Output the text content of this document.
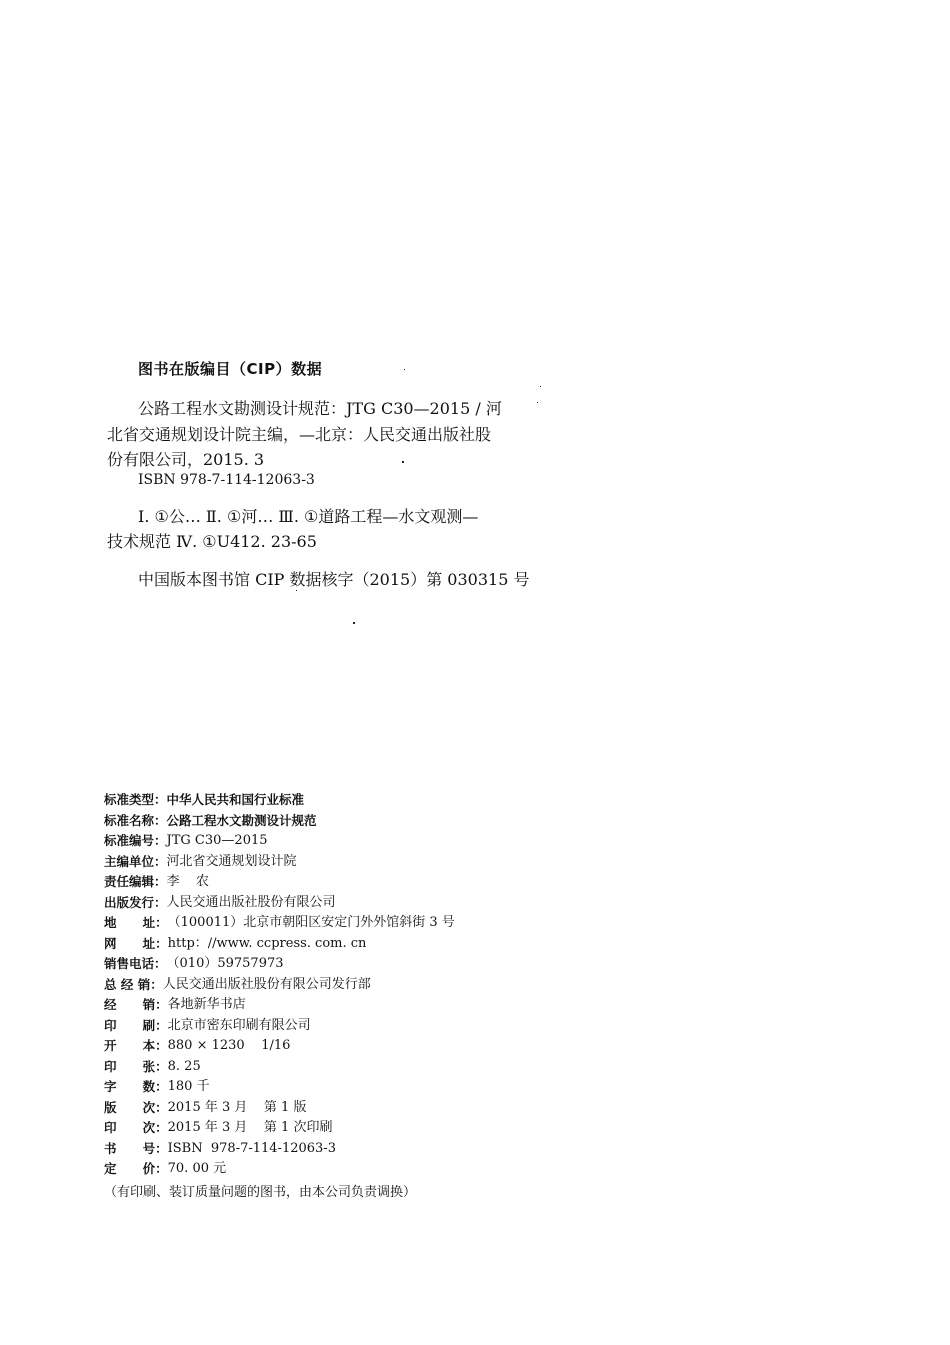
图书在版编目（CIP）数据
公路工程水文勘测设计规范：JTG C30—2015 / 河
北省交通规划设计院主编，—北京：人民交通出版社股
份有限公司，2015. 3
ISBN 978-7-114-12063-3
Ⅰ. ①公… Ⅱ. ①河… Ⅲ. ①道路工程—水文观测—
技术规范 Ⅳ. ①U412. 23-65
中国版本图书馆 CIP 数据核字（2015）第 030315 号
标准类型 ： 中华人民共和国行业标准
标准名称 ： 公路工程水文勘测设计规范
标准编号 ： JTG C30—2015
主编单位 ： 河北省交通规划设计院
责任编辑 ： 李    农
出版发行 ： 人民交通出版社股份有限公司
地      址 ： （100011）北京市朝阳区安定门外外馆斜街 3 号
网      址 ： http：//www. ccpress. com. cn
销售电话 ： （010）59757973
总 经 销 ： 人民交通出版社股份有限公司发行部
经      销 ： 各地新华书店
印      刷 ： 北京市密东印刷有限公司
开      本 ： 880 × 1230    1/16
印      张 ： 8. 25
字      数 ： 180 千
版      次 ： 2015 年 3 月    第 1 版
印      次 ： 2015 年 3 月    第 1 次印刷
书      号 ： ISBN  978-7-114-12063-3
定      价 ： 70. 00 元
（有印刷、装订质量问题的图书，由本公司负责调换）
